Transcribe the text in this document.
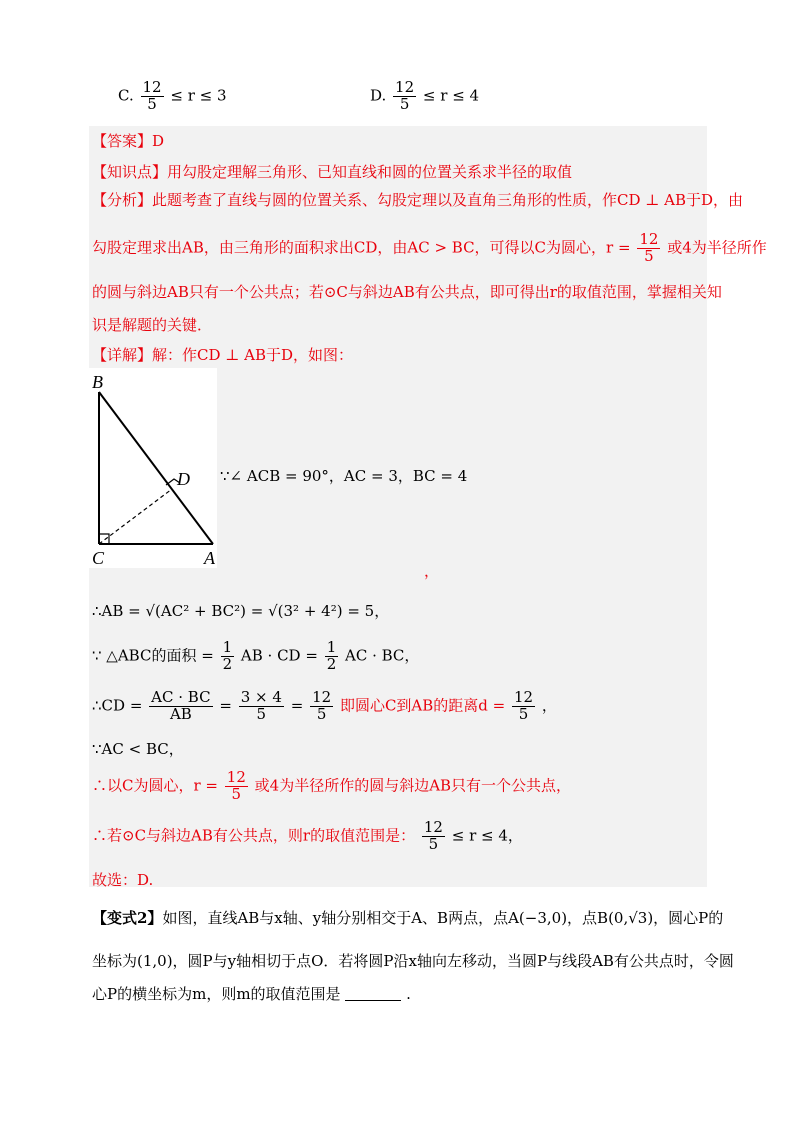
C. $\frac{12}{5} \le r \le 3$	D. $\frac{12}{5} \le r \le 4$
【答案】D
【知识点】用勾股定理解三角形、已知直线和圆的位置关系求半径的取值
【分析】此题考查了直线与圆的位置关系、勾股定理以及直角三角形的性质，作CD ⊥ AB于D，由
勾股定理求出AB，由三角形的面积求出CD，由AC > BC，可得以C为圆心，$r = \frac{12}{5}$ 或4为半径所作
的圆与斜边AB只有一个公共点；若⊙C与斜边AB有公共点，即可得出r的取值范围，掌握相关知
识是解题的关键．
【详解】解：作CD ⊥ AB于D，如图：
B
D
C	A
∵∠ ACB = 90°，AC = 3，BC = 4
，
∴AB = √(AC² + BC²) = √(3² + 4²) = 5，
∵ △ABC的面积 = $\frac{1}{2}$ AB · CD = $\frac{1}{2}$ AC · BC，
∴CD = $\frac{AC \cdot BC}{AB} = \frac{3 \times 4}{5} = \frac{12}{5}$ 即圆心C到AB的距离$d = \frac{12}{5}$ ，
∵AC < BC，
∴以C为圆心，$r = \frac{12}{5}$ 或4为半径所作的圆与斜边AB只有一个公共点，
∴若⊙C与斜边AB有公共点，则r的取值范围是： $\frac{12}{5} \le r \le 4$，
故选：D.
【变式2】如图，直线AB与x轴、y轴分别相交于A、B两点，点A(−3,0)，点B(0,√3)，圆心P的
坐标为(1,0)，圆P与y轴相切于点O．若将圆P沿x轴向左移动，当圆P与线段AB有公共点时，令圆
心P的横坐标为m，则m的取值范围是	.
